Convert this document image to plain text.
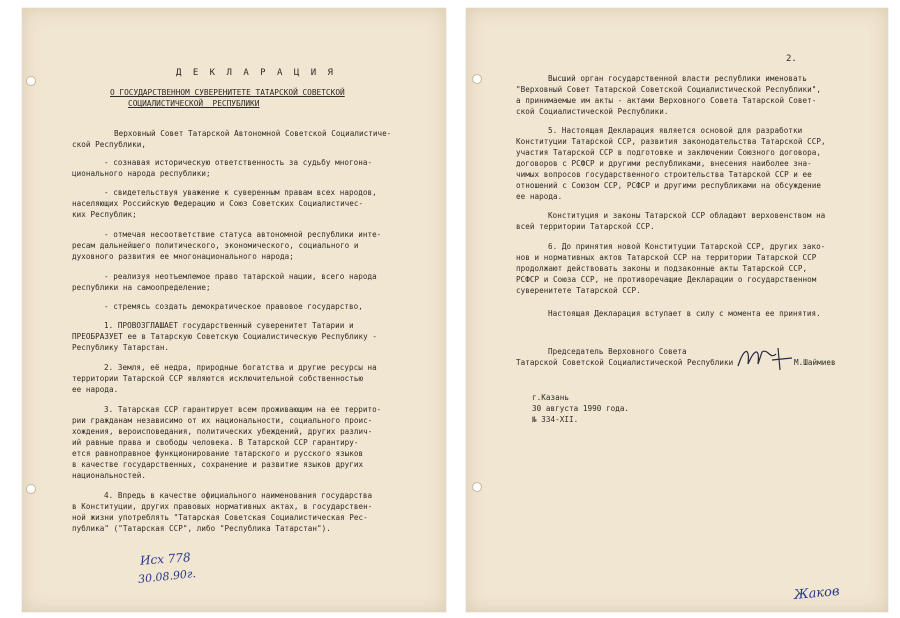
Д Е К Л А Р А Ц И Я
О ГОСУДАРСТВЕННОМ СУВЕРЕНИТЕТЕ ТАТАРСКОЙ СОВЕТСКОЙ
СОЦИАЛИСТИЧЕСКОЙ  РЕСПУБЛИКИ
Верховный Совет Татарской Автономной Советской Социалистиче-
ской Республики,
- сознавая историческую ответственность за судьбу многона-
ционального народа республики;
- свидетельствуя уважение к суверенным правам всех народов,
населяющих Российскую Федерацию и Союз Советских Социалистичес-
ких Республик;
- отмечая несоответствие статуса автономной республики инте-
ресам дальнейшего политического, экономического, социального и
духовного развития ее многонационального народа;
- реализуя неотъемлемое право татарской нации, всего народа
республики на самоопределение;
- стремясь создать демократическое правовое государство,
1. ПРОВОЗГЛАШАЕТ государственный суверенитет Татарии и
ПРЕОБРАЗУЕТ ее в Татарскую Советскую Социалистическую Республику -
Республику Татарстан.
2. Земля, её недра, природные богатства и другие ресурсы на
территории Татарской ССР являются исключительной собственностью
ее народа.
3. Татарская ССР гарантирует всем проживающим на ее террито-
рии гражданам независимо от их национальности, социального проис-
хождения, вероисповедания, политических убеждений, других различ-
ий равные права и свободы человека. В Татарской ССР гарантиру-
ется равноправное функционирование татарского и русского языков
в качестве государственных, сохранение и развитие языков других
национальностей.
4. Впредь в качестве официального наименования государства
в Конституции, других правовых нормативных актах, в государствен-
ной жизни употреблять "Татарская Советская Социалистическая Рес-
публика" ("Татарская ССР", либо "Республика Татарстан").
Исх 778
30.08.90г.
2.
Высший орган государственной власти республики именовать
"Верховный Совет Татарской Советской Социалистической Республики",
а принимаемые им акты - актами Верховного Совета Татарской Совет-
ской Социалистической Республики.
5. Настоящая Декларация является основой для разработки
Конституции Татарской ССР, развития законодательства Татарской ССР,
участия Татарской ССР в подготовке и заключении Союзного договора,
договоров с РСФСР и другими республиками, внесения наиболее зна-
чимых вопросов государственного строительства Татарской ССР и ее
отношений с Союзом ССР, РСФСР и другими республиками на обсуждение
ее народа.
Конституция и законы Татарской ССР обладают верховенством на
всей территории Татарской ССР.
6. До принятия новой Конституции Татарской ССР, других зако-
нов и нормативных актов Татарской ССР на территории Татарской ССР
продолжают действовать законы и подзаконные акты Татарской ССР,
РСФСР и Союза ССР, не противоречащие Декларации о государственном
суверенитете Татарской ССР.
Настоящая Декларация вступает в силу с момента ее принятия.
Председатель Верховного Совета
Татарской Советской Социалистической Республики	М.Шаймиев
г.Казань
30 августа 1990 года.
№ 334-XII.
Жаков
